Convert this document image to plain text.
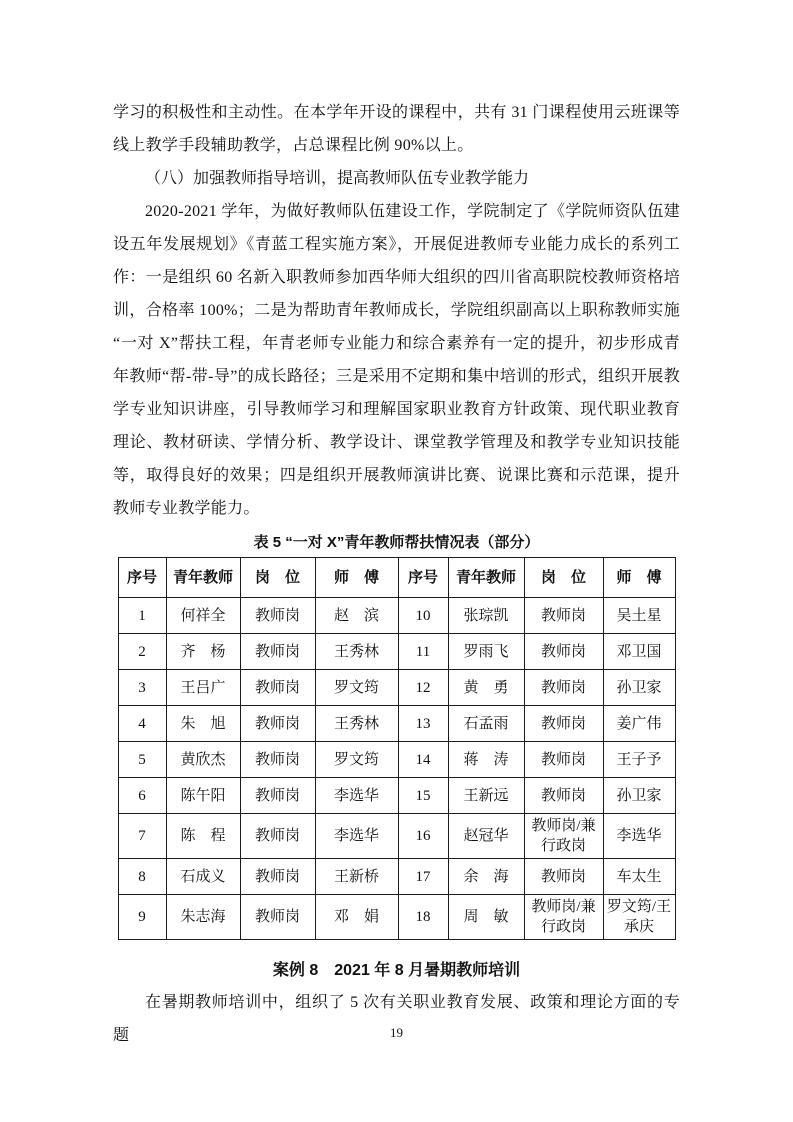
学习的积极性和主动性。在本学年开设的课程中，共有 31 门课程使用云班课等线上教学手段辅助教学，占总课程比例 90%以上。

（八）加强教师指导培训，提高教师队伍专业教学能力

2020-2021 学年，为做好教师队伍建设工作，学院制定了《学院师资队伍建设五年发展规划》《青蓝工程实施方案》，开展促进教师专业能力成长的系列工作：一是组织 60 名新入职教师参加西华师大组织的四川省高职院校教师资格培训，合格率 100%；二是为帮助青年教师成长，学院组织副高以上职称教师实施“一对 X”帮扶工程，年青老师专业能力和综合素养有一定的提升，初步形成青年教师“帮-带-导”的成长路径；三是采用不定期和集中培训的形式，组织开展教学专业知识讲座，引导教师学习和理解国家职业教育方针政策、现代职业教育理论、教材研读、学情分析、教学设计、课堂教学管理及和教学专业知识技能等，取得良好的效果；四是组织开展教师演讲比赛、说课比赛和示范课，提升教师专业教学能力。

表 5 “一对 X”青年教师帮扶情况表（部分）

序号	青年教师	岗　位	师　傅	序号	青年教师	岗　位	师　傅
1	何祥全	教师岗	赵　滨	10	张琮凯	教师岗	吴土星
2	齐　杨	教师岗	王秀林	11	罗雨飞	教师岗	邓卫国
3	王吕广	教师岗	罗文筠	12	黄　勇	教师岗	孙卫家
4	朱　旭	教师岗	王秀林	13	石孟雨	教师岗	姜广伟
5	黄欣杰	教师岗	罗文筠	14	蒋　涛	教师岗	王子予
6	陈午阳	教师岗	李选华	15	王新远	教师岗	孙卫家
7	陈　程	教师岗	李选华	16	赵冠华	教师岗/兼行政岗	李选华
8	石成义	教师岗	王新桥	17	余　海	教师岗	车太生
9	朱志海	教师岗	邓　娟	18	周　敏	教师岗/兼行政岗	罗文筠/王承庆

案例 8　2021 年 8 月暑期教师培训

在暑期教师培训中，组织了 5 次有关职业教育发展、政策和理论方面的专题	19
